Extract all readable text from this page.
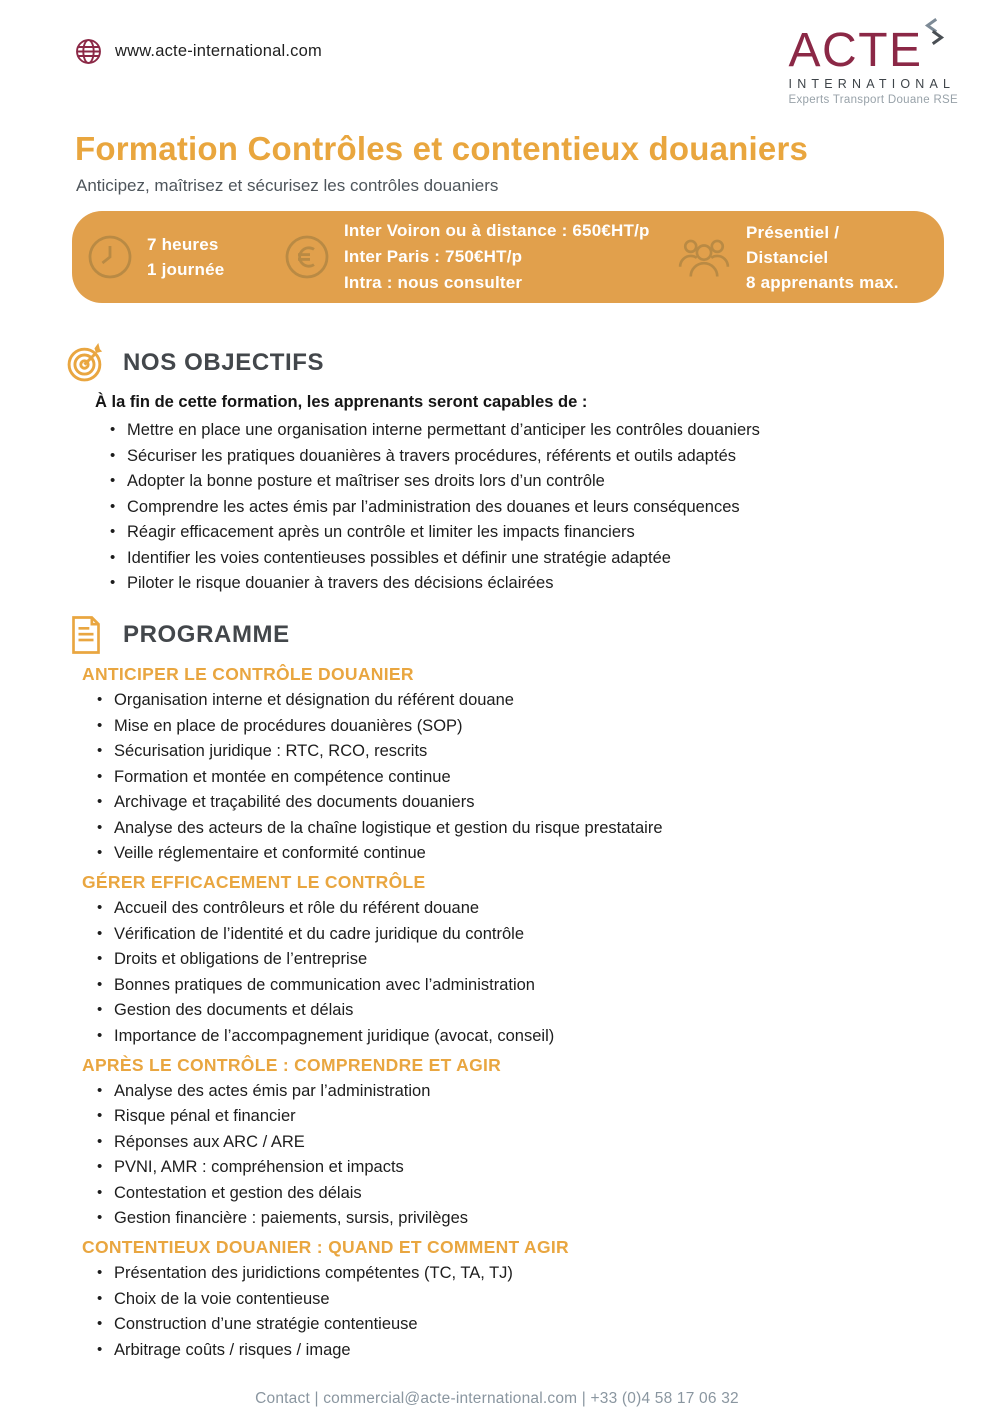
www.acte-international.com	ACTE
INTERNATIONAL
Experts Transport Douane RSE
Formation Contrôles et contentieux douaniers

Anticipez, maîtrisez et sécurisez les contrôles douaniers

7 heures
1 journée
Inter Voiron ou à distance : 650€HT/p
Inter Paris : 750€HT/p
Intra : nous consulter
Présentiel / Distanciel
8 apprenants max.
NOS OBJECTIFS

À la fin de cette formation, les apprenants seront capables de :

• Mettre en place une organisation interne permettant d’anticiper les contrôles douaniers
• Sécuriser les pratiques douanières à travers procédures, référents et outils adaptés
• Adopter la bonne posture et maîtriser ses droits lors d’un contrôle
• Comprendre les actes émis par l’administration des douanes et leurs conséquences
• Réagir efficacement après un contrôle et limiter les impacts financiers
• Identifier les voies contentieuses possibles et définir une stratégie adaptée
• Piloter le risque douanier à travers des décisions éclairées
PROGRAMME
ANTICIPER LE CONTRÔLE DOUANIER
• Organisation interne et désignation du référent douane
• Mise en place de procédures douanières (SOP)
• Sécurisation juridique : RTC, RCO, rescrits
• Formation et montée en compétence continue
• Archivage et traçabilité des documents douaniers
• Analyse des acteurs de la chaîne logistique et gestion du risque prestataire
• Veille réglementaire et conformité continue
GÉRER EFFICACEMENT LE CONTRÔLE
• Accueil des contrôleurs et rôle du référent douane
• Vérification de l’identité et du cadre juridique du contrôle
• Droits et obligations de l’entreprise
• Bonnes pratiques de communication avec l’administration
• Gestion des documents et délais
• Importance de l’accompagnement juridique (avocat, conseil)
APRÈS LE CONTRÔLE : COMPRENDRE ET AGIR
• Analyse des actes émis par l’administration
• Risque pénal et financier
• Réponses aux ARC / ARE
• PVNI, AMR : compréhension et impacts
• Contestation et gestion des délais
• Gestion financière : paiements, sursis, privilèges
CONTENTIEUX DOUANIER : QUAND ET COMMENT AGIR
• Présentation des juridictions compétentes (TC, TA, TJ)
• Choix de la voie contentieuse
• Construction d’une stratégie contentieuse
• Arbitrage coûts / risques / image
Contact | commercial@acte-international.com | +33 (0)4 58 17 06 32
